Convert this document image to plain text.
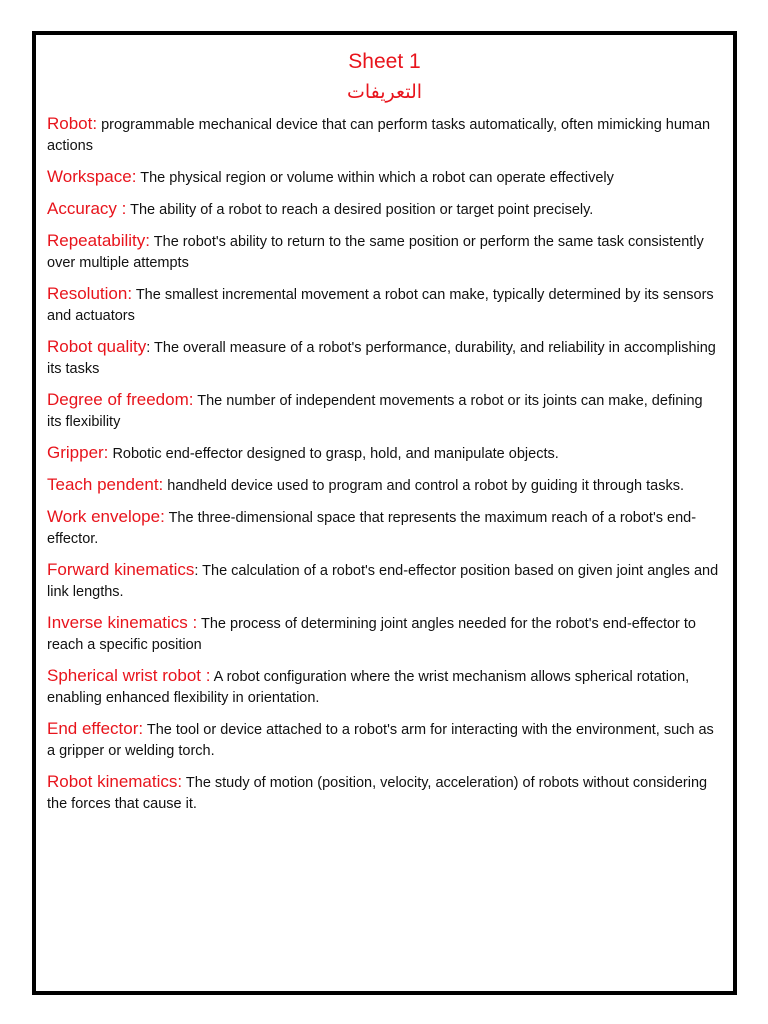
Sheet 1
التعريفات

Robot: programmable mechanical device that can perform tasks automatically, often mimicking human actions

Workspace: The physical region or volume within which a robot can operate effectively

Accuracy : The ability of a robot to reach a desired position or target point precisely.

Repeatability: The robot's ability to return to the same position or perform the same task consistently over multiple attempts

Resolution: The smallest incremental movement a robot can make, typically determined by its sensors and actuators

Robot quality: The overall measure of a robot's performance, durability, and reliability in accomplishing its tasks

Degree of freedom: The number of independent movements a robot or its joints can make, defining its flexibility

Gripper: Robotic end-effector designed to grasp, hold, and manipulate objects.

Teach pendent: handheld device used to program and control a robot by guiding it through tasks.

Work envelope: The three-dimensional space that represents the maximum reach of a robot's end-effector.

Forward kinematics: The calculation of a robot's end-effector position based on given joint angles and link lengths.

Inverse kinematics : The process of determining joint angles needed for the robot's end-effector to reach a specific position

Spherical wrist robot : A robot configuration where the wrist mechanism allows spherical rotation, enabling enhanced flexibility in orientation.

End effector: The tool or device attached to a robot's arm for interacting with the environment, such as a gripper or welding torch.

Robot kinematics: The study of motion (position, velocity, acceleration) of robots without considering the forces that cause it.
